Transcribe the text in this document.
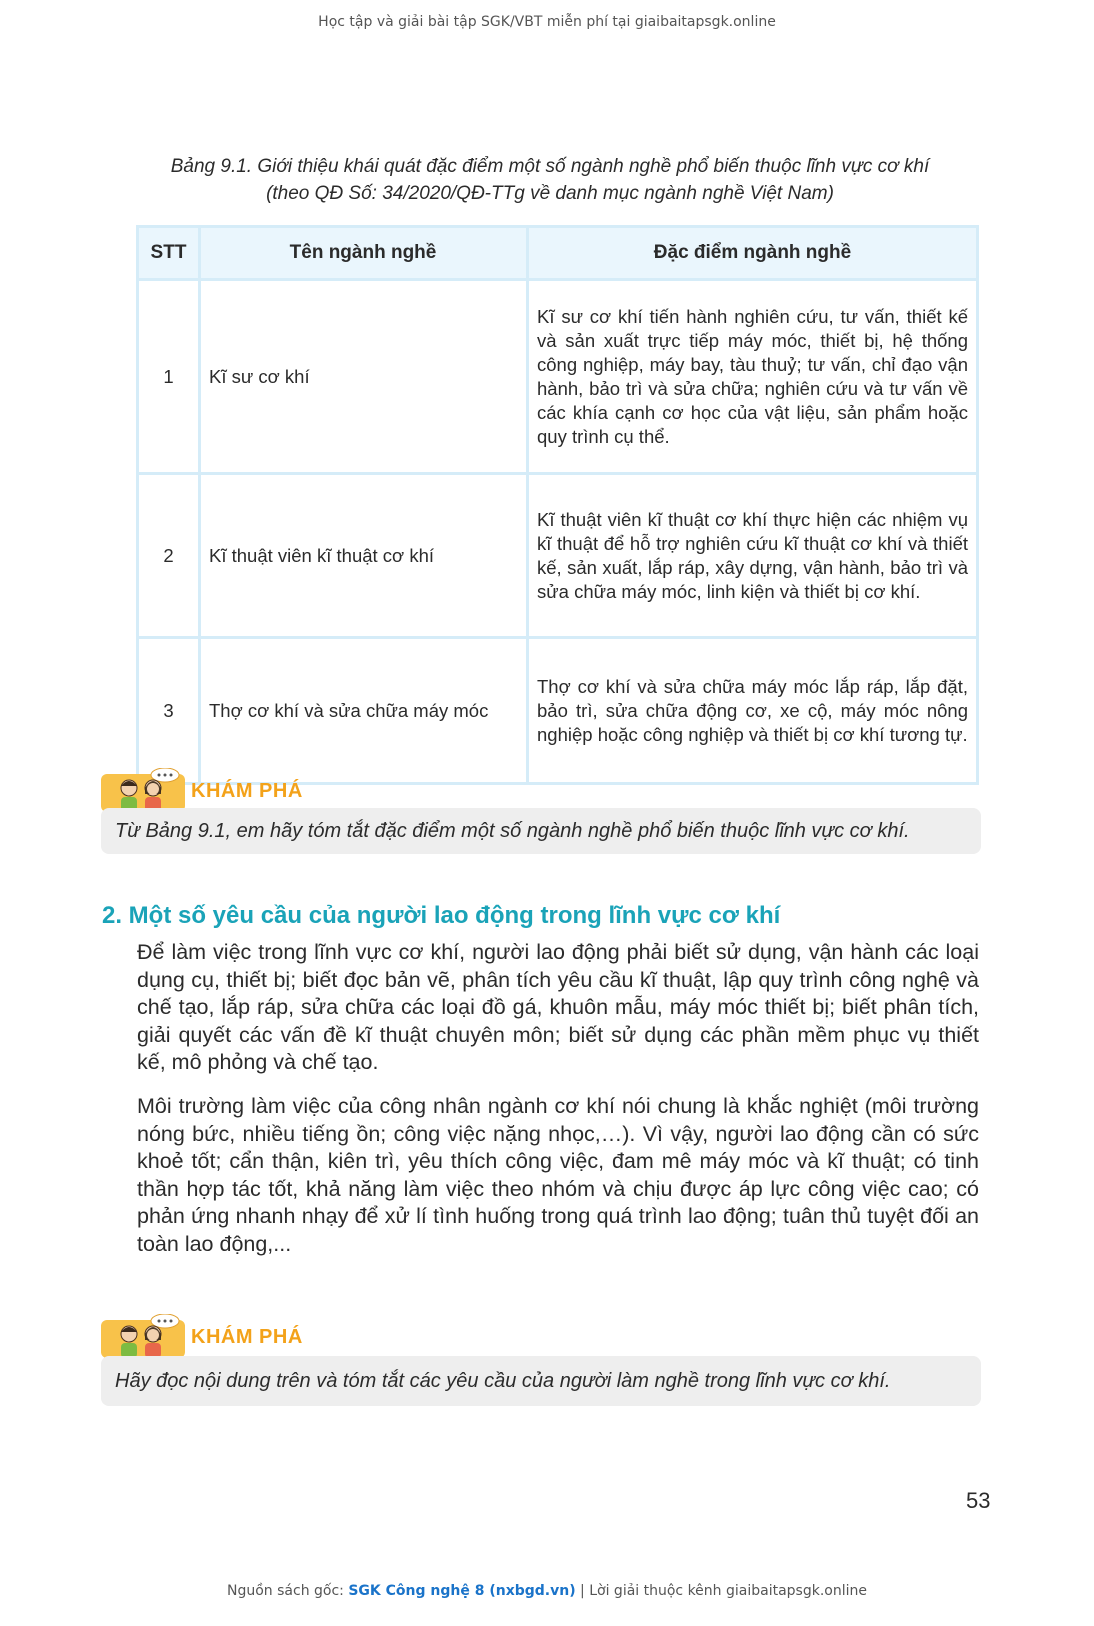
Học tập và giải bài tập SGK/VBT miễn phí tại giaibaitapsgk.online
Bảng 9.1. Giới thiệu khái quát đặc điểm một số ngành nghề phổ biến thuộc lĩnh vực cơ khí
(theo QĐ Số: 34/2020/QĐ-TTg về danh mục ngành nghề Việt Nam)
STT	Tên ngành nghề	Đặc điểm ngành nghề
1	Kĩ sư cơ khí	Kĩ sư cơ khí tiến hành nghiên cứu, tư vấn, thiết kế và sản xuất trực tiếp máy móc, thiết bị, hệ thống công nghiệp, máy bay, tàu thuỷ; tư vấn, chỉ đạo vận hành, bảo trì và sửa chữa; nghiên cứu và tư vấn về các khía cạnh cơ học của vật liệu, sản phẩm hoặc quy trình cụ thể.
2	Kĩ thuật viên kĩ thuật cơ khí	Kĩ thuật viên kĩ thuật cơ khí thực hiện các nhiệm vụ kĩ thuật để hỗ trợ nghiên cứu kĩ thuật cơ khí và thiết kế, sản xuất, lắp ráp, xây dựng, vận hành, bảo trì và sửa chữa máy móc, linh kiện và thiết bị cơ khí.
3	Thợ cơ khí và sửa chữa máy móc	Thợ cơ khí và sửa chữa máy móc lắp ráp, lắp đặt, bảo trì, sửa chữa động cơ, xe cộ, máy móc nông nghiệp hoặc công nghiệp và thiết bị cơ khí tương tự.
KHÁM PHÁ
Từ Bảng 9.1, em hãy tóm tắt đặc điểm một số ngành nghề phổ biến thuộc lĩnh vực cơ khí.
2. Một số yêu cầu của người lao động trong lĩnh vực cơ khí
Để làm việc trong lĩnh vực cơ khí, người lao động phải biết sử dụng, vận hành các loại dụng cụ, thiết bị; biết đọc bản vẽ, phân tích yêu cầu kĩ thuật, lập quy trình công nghệ và chế tạo, lắp ráp, sửa chữa các loại đồ gá, khuôn mẫu, máy móc thiết bị; biết phân tích, giải quyết các vấn đề kĩ thuật chuyên môn; biết sử dụng các phần mềm phục vụ thiết kế, mô phỏng và chế tạo.
Môi trường làm việc của công nhân ngành cơ khí nói chung là khắc nghiệt (môi trường nóng bức, nhiều tiếng ồn; công việc nặng nhọc,…). Vì vậy, người lao động cần có sức khoẻ tốt; cẩn thận, kiên trì, yêu thích công việc, đam mê máy móc và kĩ thuật; có tinh thần hợp tác tốt, khả năng làm việc theo nhóm và chịu được áp lực công việc cao; có phản ứng nhanh nhạy để xử lí tình huống trong quá trình lao động; tuân thủ tuyệt đối an toàn lao động,...
KHÁM PHÁ
Hãy đọc nội dung trên và tóm tắt các yêu cầu của người làm nghề trong lĩnh vực cơ khí.
53
Nguồn sách gốc: SGK Công nghệ 8 (nxbgd.vn) | Lời giải thuộc kênh giaibaitapsgk.online
